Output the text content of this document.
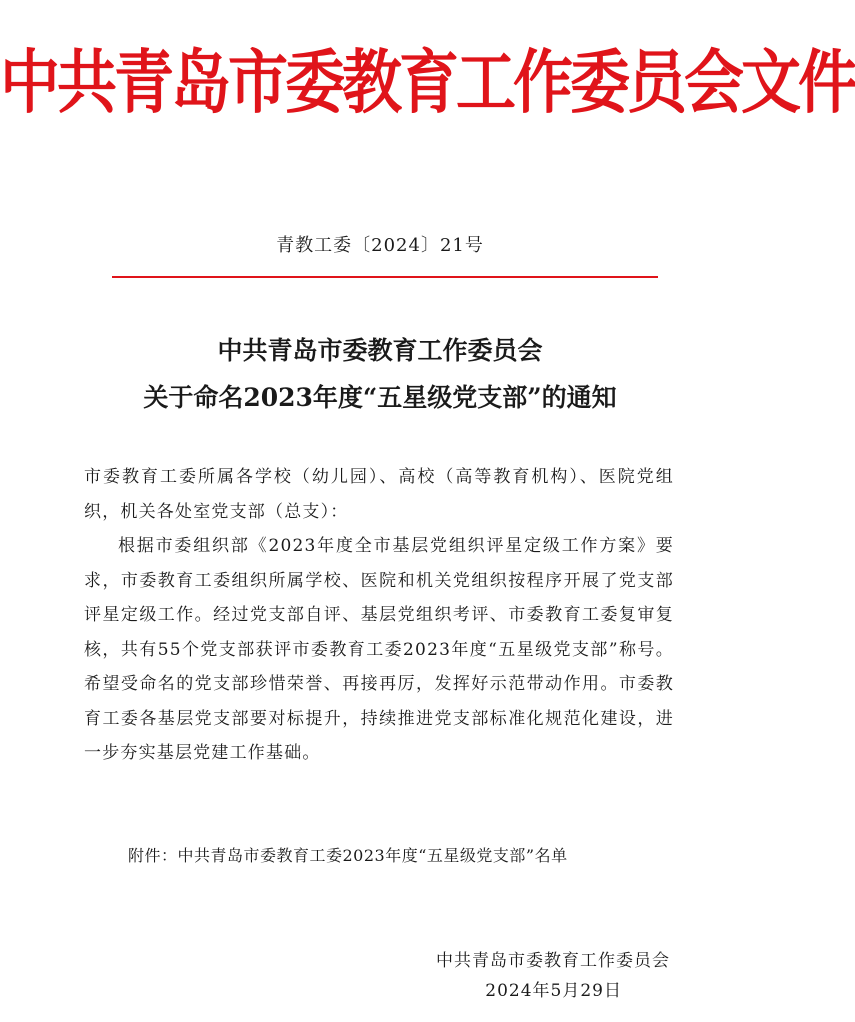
中共青岛市委教育工作委员会文件
青教工委〔2024〕21号
中共青岛市委教育工作委员会
关于命名2023年度“五星级党支部”的通知

市委教育工委所属各学校（幼儿园）、高校（高等教育机构）、医院党组织，机关各处室党支部（总支）：

根据市委组织部《2023年度全市基层党组织评星定级工作方案》要求，市委教育工委组织所属学校、医院和机关党组织按程序开展了党支部评星定级工作。经过党支部自评、基层党组织考评、市委教育工委复审复核，共有55个党支部获评市委教育工委2023年度“五星级党支部”称号。希望受命名的党支部珍惜荣誉、再接再厉，发挥好示范带动作用。市委教育工委各基层党支部要对标提升，持续推进党支部标准化规范化建设，进一步夯实基层党建工作基础。

附件：中共青岛市委教育工委2023年度“五星级党支部”名单
中共青岛市委教育工作委员会
2024年5月29日
